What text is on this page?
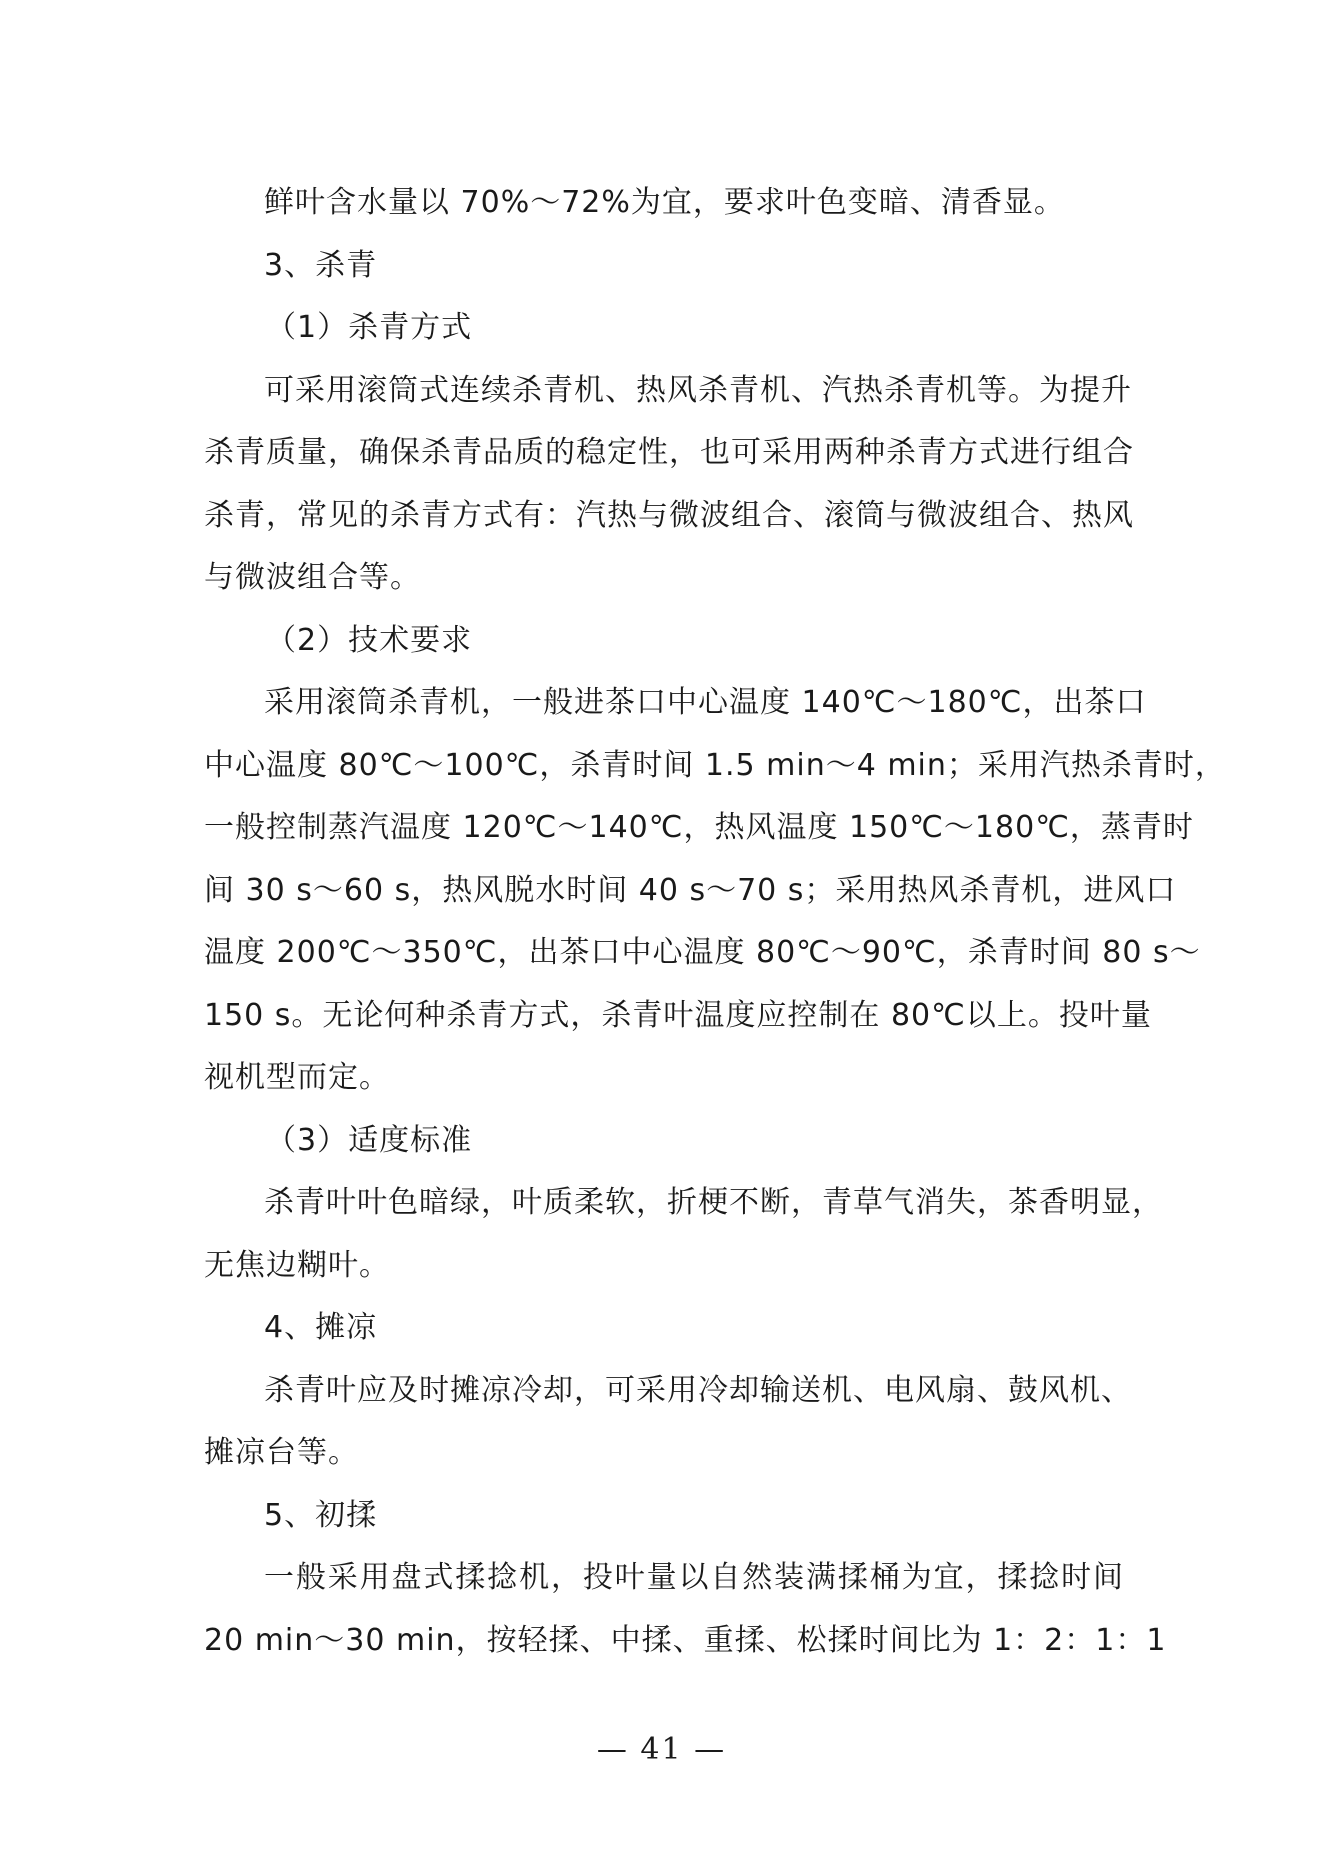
鲜叶含水量以 70%～72%为宜，要求叶色变暗、清香显。
3、杀青
（1）杀青方式
可采用滚筒式连续杀青机、热风杀青机、汽热杀青机等。为提升
杀青质量，确保杀青品质的稳定性，也可采用两种杀青方式进行组合
杀青，常见的杀青方式有：汽热与微波组合、滚筒与微波组合、热风
与微波组合等。
（2）技术要求
采用滚筒杀青机，一般进茶口中心温度 140℃～180℃，出茶口
中心温度 80℃～100℃，杀青时间 1.5 min～4 min；采用汽热杀青时，
一般控制蒸汽温度 120℃～140℃，热风温度 150℃～180℃，蒸青时
间 30 s～60 s，热风脱水时间 40 s～70 s；采用热风杀青机，进风口
温度 200℃～350℃，出茶口中心温度 80℃～90℃，杀青时间 80 s～
150 s。无论何种杀青方式，杀青叶温度应控制在 80℃以上。投叶量
视机型而定。
（3）适度标准
杀青叶叶色暗绿，叶质柔软，折梗不断，青草气消失，茶香明显，
无焦边糊叶。
4、摊凉
杀青叶应及时摊凉冷却，可采用冷却输送机、电风扇、鼓风机、
摊凉台等。
5、初揉
一般采用盘式揉捻机，投叶量以自然装满揉桶为宜，揉捻时间
20 min～30 min，按轻揉、中揉、重揉、松揉时间比为 1：2：1：1
— 41 —
